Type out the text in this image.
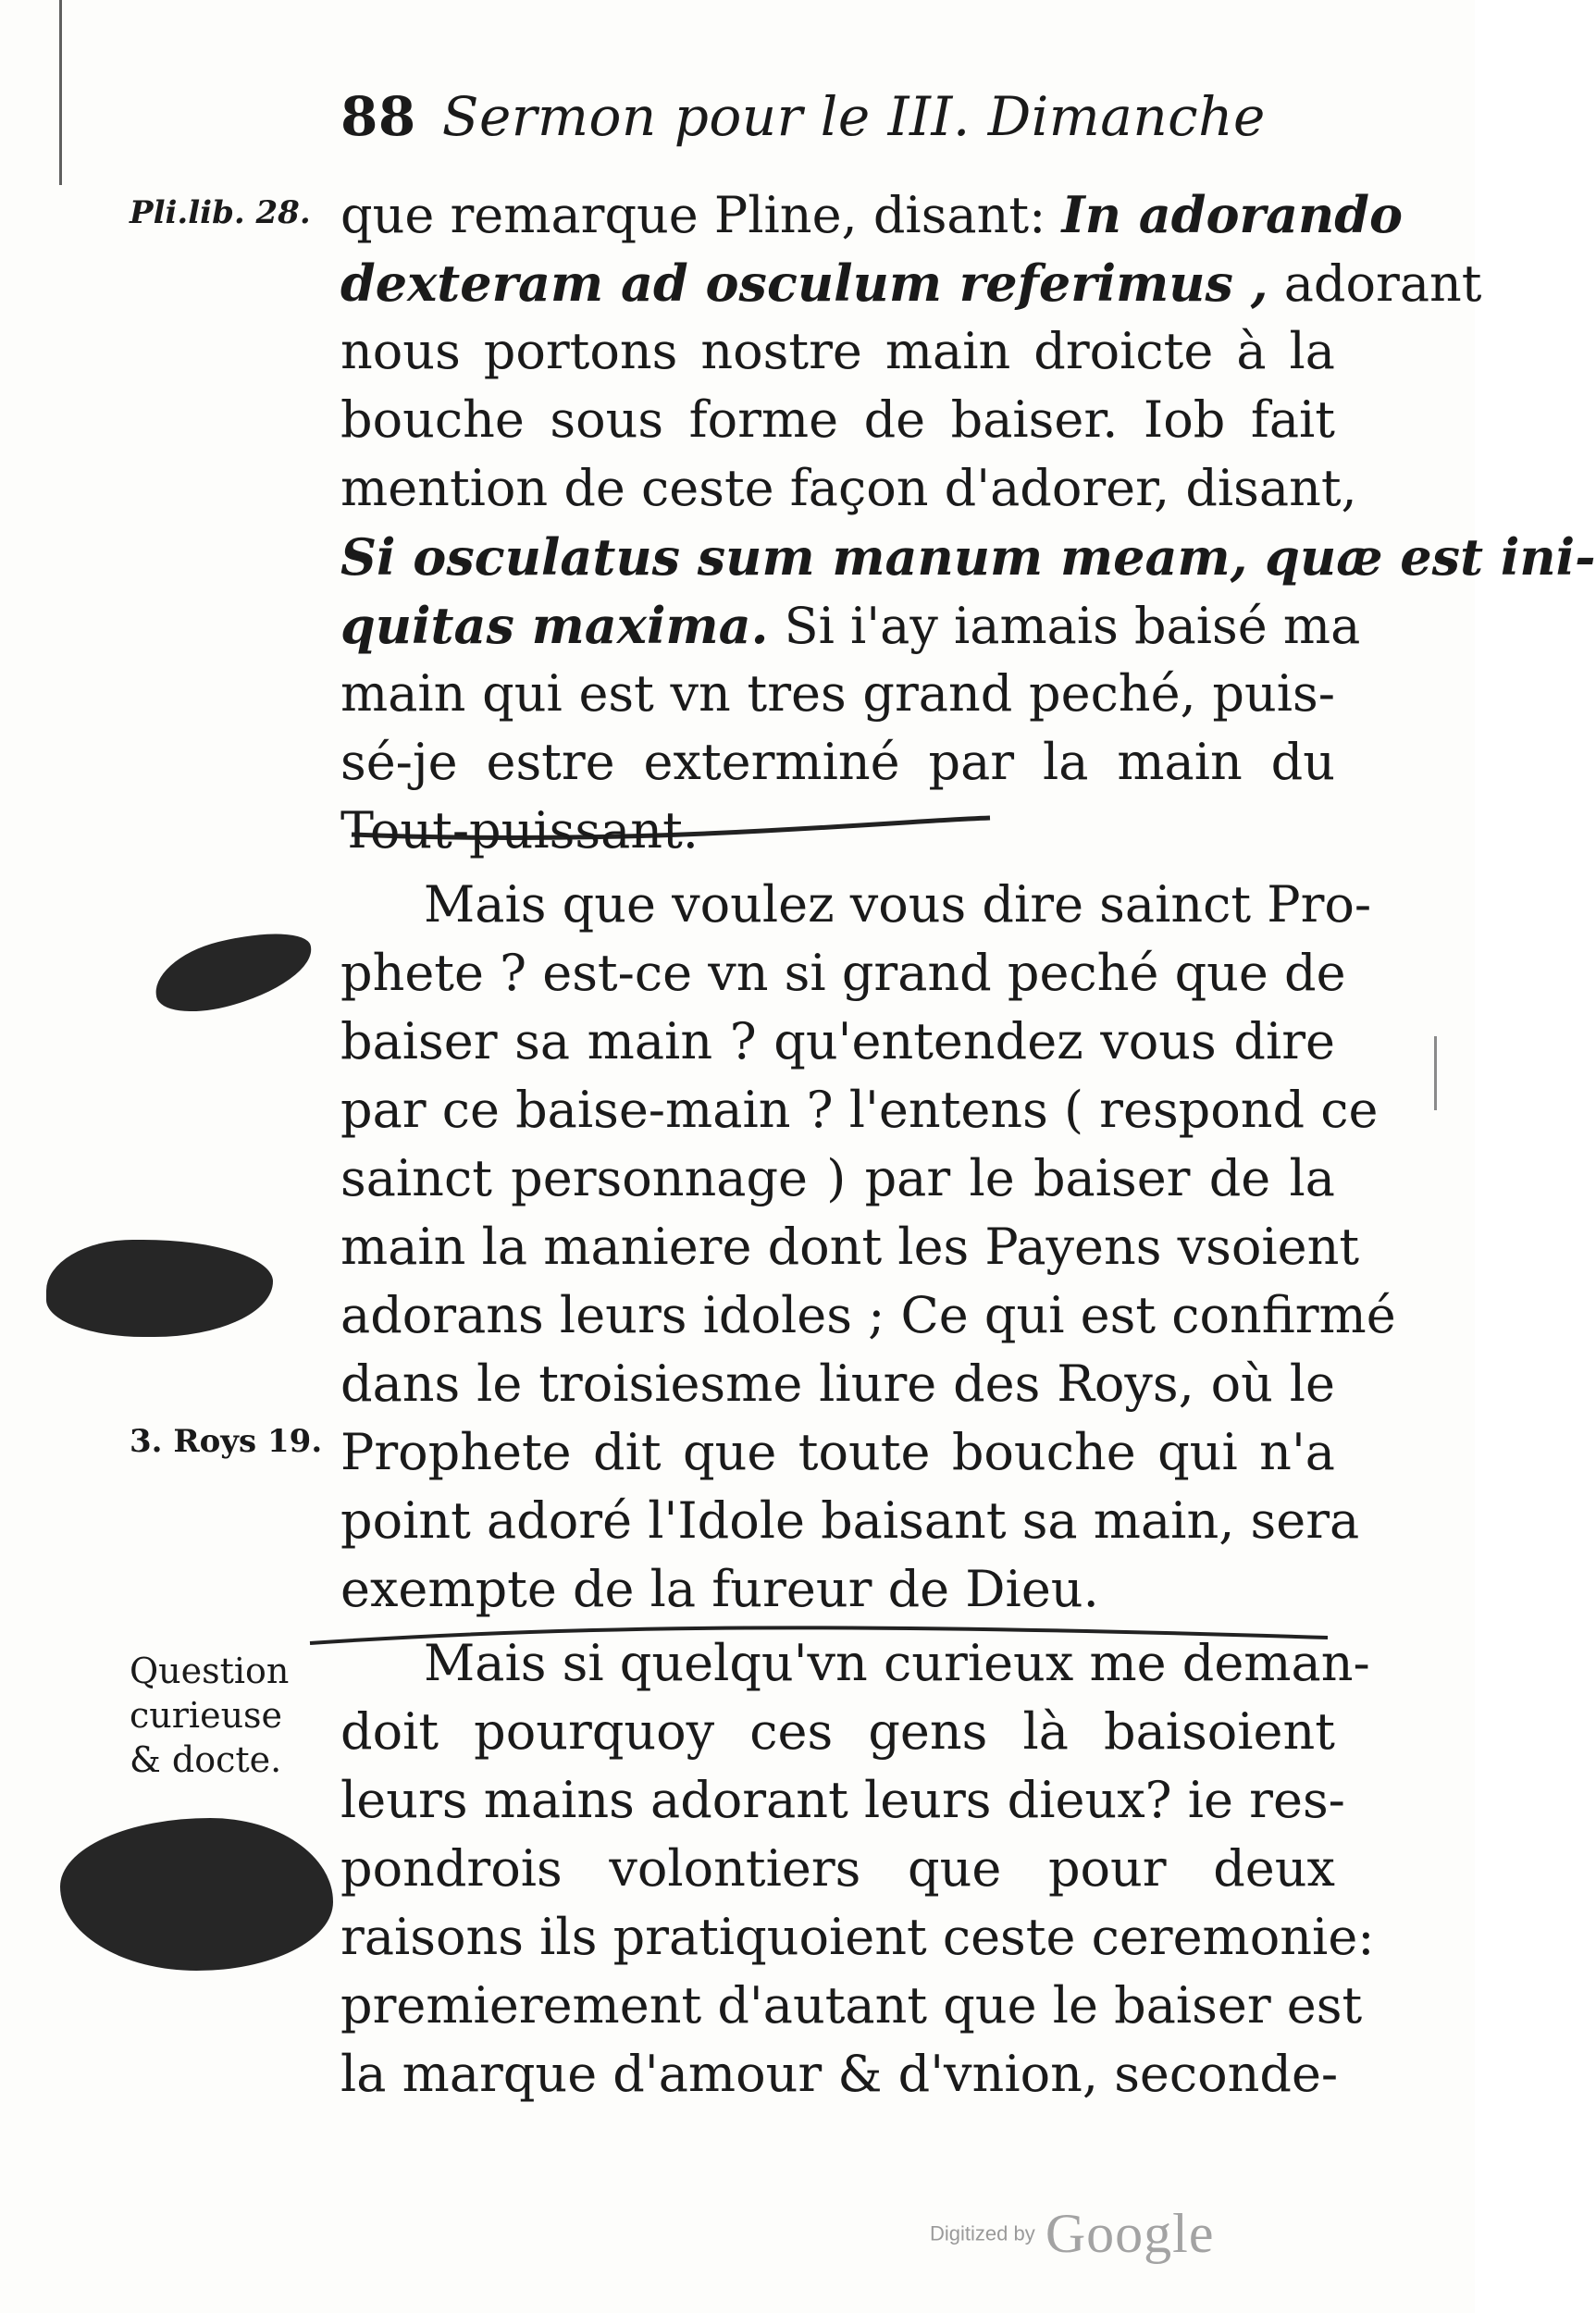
88 Sermon pour le III. Dimanche
Pli.lib. 28.
3. Roys 19.
Question
curieuse
& docte.
que remarque Pline, disant: In adorando
dexteram ad osculum referimus , adorant
nous portons nostre main droicte à la
bouche sous forme de baiser. Iob fait
mention de ceste façon d'adorer, disant,
Si osculatus sum manum meam, quæ est ini-
quitas maxima. Si i'ay iamais baisé ma
main qui est vn tres grand peché, puis-
sé-je estre exterminé par la main du
Tout-puissant.
Mais que voulez vous dire sainct Pro-
phete ? est-ce vn si grand peché que de
baiser sa main ? qu'entendez vous dire
par ce baise-main ? l'entens ( respond ce
sainct personnage ) par le baiser de la
main la maniere dont les Payens vsoient
adorans leurs idoles ; Ce qui est confirmé
dans le troisiesme liure des Roys, où le
Prophete dit que toute bouche qui n'a
point adoré l'Idole baisant sa main, sera
exempte de la fureur de Dieu.
Mais si quelqu'vn curieux me deman-
doit pourquoy ces gens là baisoient
leurs mains adorant leurs dieux? ie res-
pondrois volontiers que pour deux
raisons ils pratiquoient ceste ceremonie:
premierement d'autant que le baiser est
la marque d'amour & d'vnion, seconde-
Digitized by Google
